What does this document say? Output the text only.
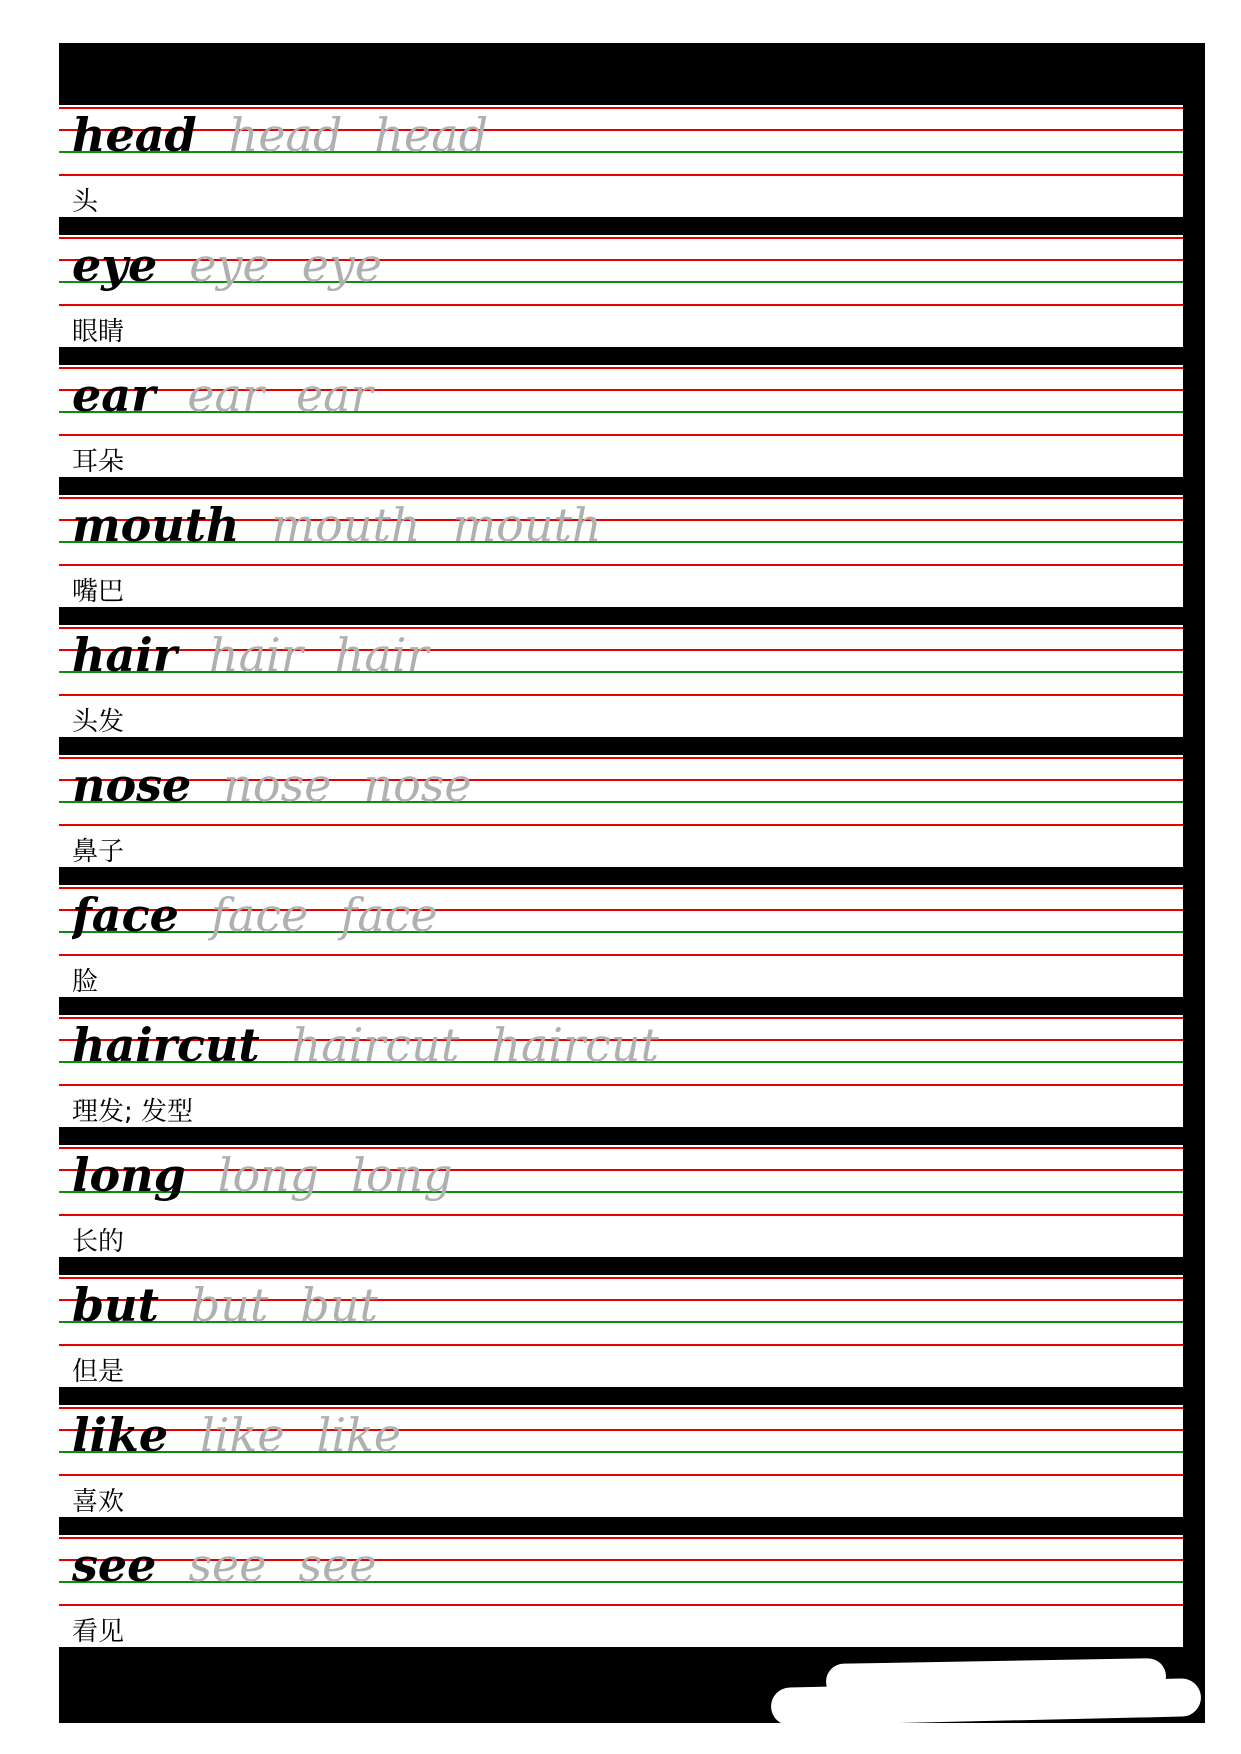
head head head
头
eye eye eye
眼睛
ear ear ear
耳朵
mouth mouth mouth
嘴巴
hair hair hair
头发
nose nose nose
鼻子
face face face
脸
haircut haircut haircut
理发; 发型
long long long
长的
but but but
但是
like like like
喜欢
see see see
看见
